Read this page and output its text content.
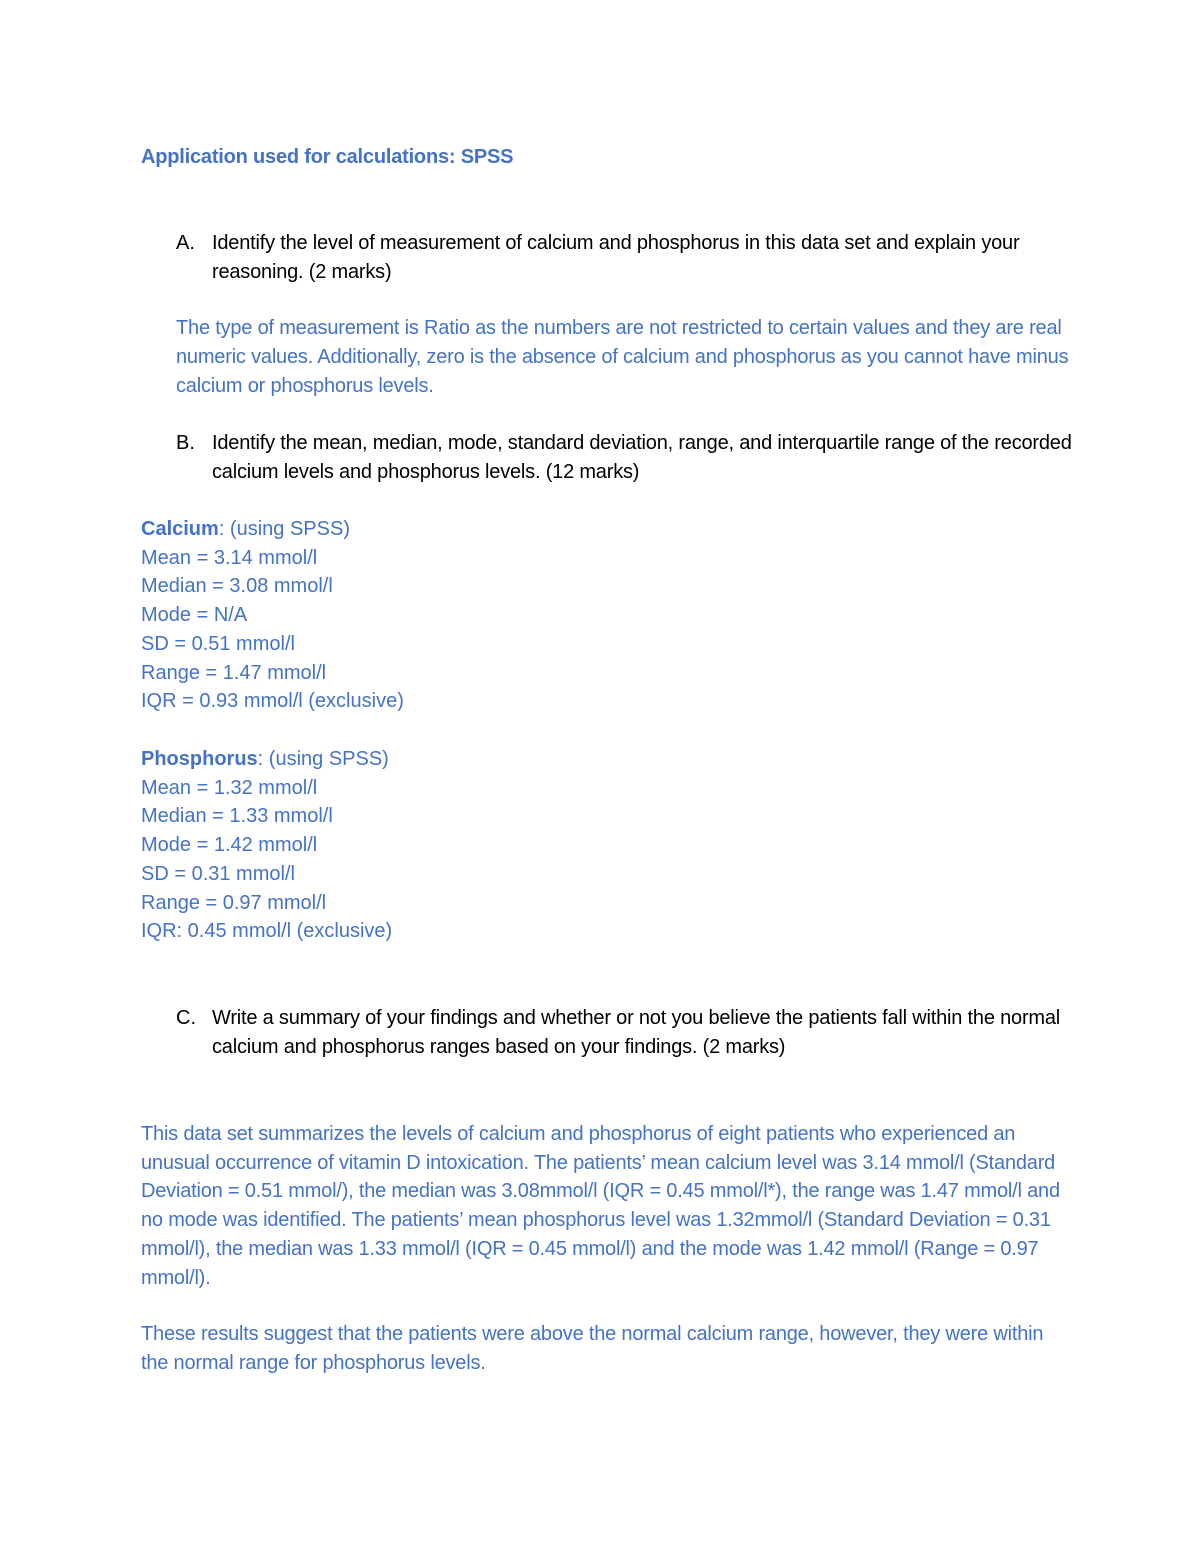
Application used for calculations: SPSS
A. Identify the level of measurement of calcium and phosphorus in this data set and explain your reasoning. (2 marks)
The type of measurement is Ratio as the numbers are not restricted to certain values and they are real numeric values. Additionally, zero is the absence of calcium and phosphorus as you cannot have minus calcium or phosphorus levels.
B. Identify the mean, median, mode, standard deviation, range, and interquartile range of the recorded calcium levels and phosphorus levels. (12 marks)
Calcium: (using SPSS)
Mean = 3.14 mmol/l
Median = 3.08 mmol/l
Mode = N/A
SD = 0.51 mmol/l
Range = 1.47 mmol/l
IQR = 0.93 mmol/l (exclusive)
Phosphorus: (using SPSS)
Mean = 1.32 mmol/l
Median = 1.33 mmol/l
Mode = 1.42 mmol/l
SD = 0.31 mmol/l
Range = 0.97 mmol/l
IQR: 0.45 mmol/l (exclusive)
C. Write a summary of your findings and whether or not you believe the patients fall within the normal calcium and phosphorus ranges based on your findings. (2 marks)
This data set summarizes the levels of calcium and phosphorus of eight patients who experienced an unusual occurrence of vitamin D intoxication. The patients’ mean calcium level was 3.14 mmol/l (Standard Deviation = 0.51 mmol/), the median was 3.08mmol/l (IQR = 0.45 mmol/l*), the range was 1.47 mmol/l and no mode was identified. The patients’ mean phosphorus level was 1.32mmol/l (Standard Deviation = 0.31 mmol/l), the median was 1.33 mmol/l (IQR = 0.45 mmol/l) and the mode was 1.42 mmol/l (Range = 0.97 mmol/l).
These results suggest that the patients were above the normal calcium range, however, they were within the normal range for phosphorus levels.
